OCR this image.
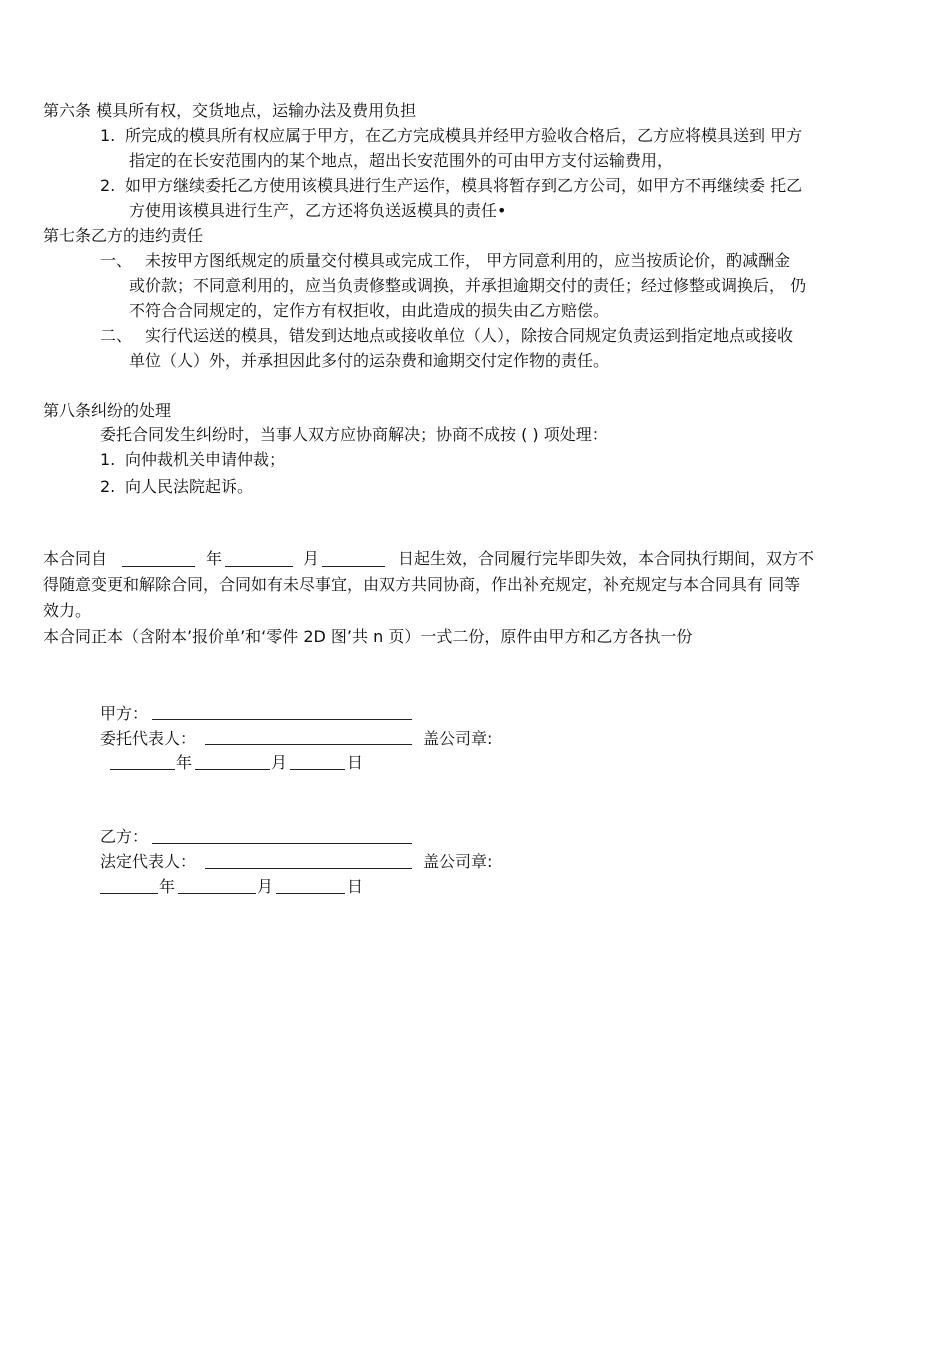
第六条 模具所有权，交货地点，运输办法及费用负担
1. 所完成的模具所有权应属于甲方，在乙方完成模具并经甲方验收合格后，乙方应将模具送到 甲方
指定的在长安范围内的某个地点，超出长安范围外的可由甲方支付运输费用，
2. 如甲方继续委托乙方使用该模具进行生产运作，模具将暂存到乙方公司，如甲方不再继续委 托乙
方使用该模具进行生产，乙方还将负送返模具的责任•
第七条乙方的违约责任
一、 未按甲方图纸规定的质量交付模具或完成工作， 甲方同意利用的，应当按质论价，酌减酬金
或价款；不同意利用的，应当负责修整或调换，并承担逾期交付的责任；经过修整或调换后， 仍
不符合合同规定的，定作方有权拒收，由此造成的损失由乙方赔偿。
二、 实行代运送的模具，错发到达地点或接收单位（人），除按合同规定负责运到指定地点或接收
单位（人）外，并承担因此多付的运杂费和逾期交付定作物的责任。
第八条纠纷的处理
委托合同发生纠纷时，当事人双方应协商解决；协商不成按 ( ) 项处理：
1. 向仲裁机关申请仲裁；
2. 向人民法院起诉。
本合同自	年	月	日起生效，合同履行完毕即失效，本合同执行期间，双方不
得随意变更和解除合同，合同如有未尽事宜，由双方共同协商，作出补充规定，补充规定与本合同具有 同等
效力。
本合同正本（含附本’报价单’和‘零件 2D 图’共 n 页）一式二份，原件由甲方和乙方各执一份
甲方：
委托代表人：	盖公司章:
年	月	日
乙方：
法定代表人：	盖公司章:
年	月	日
